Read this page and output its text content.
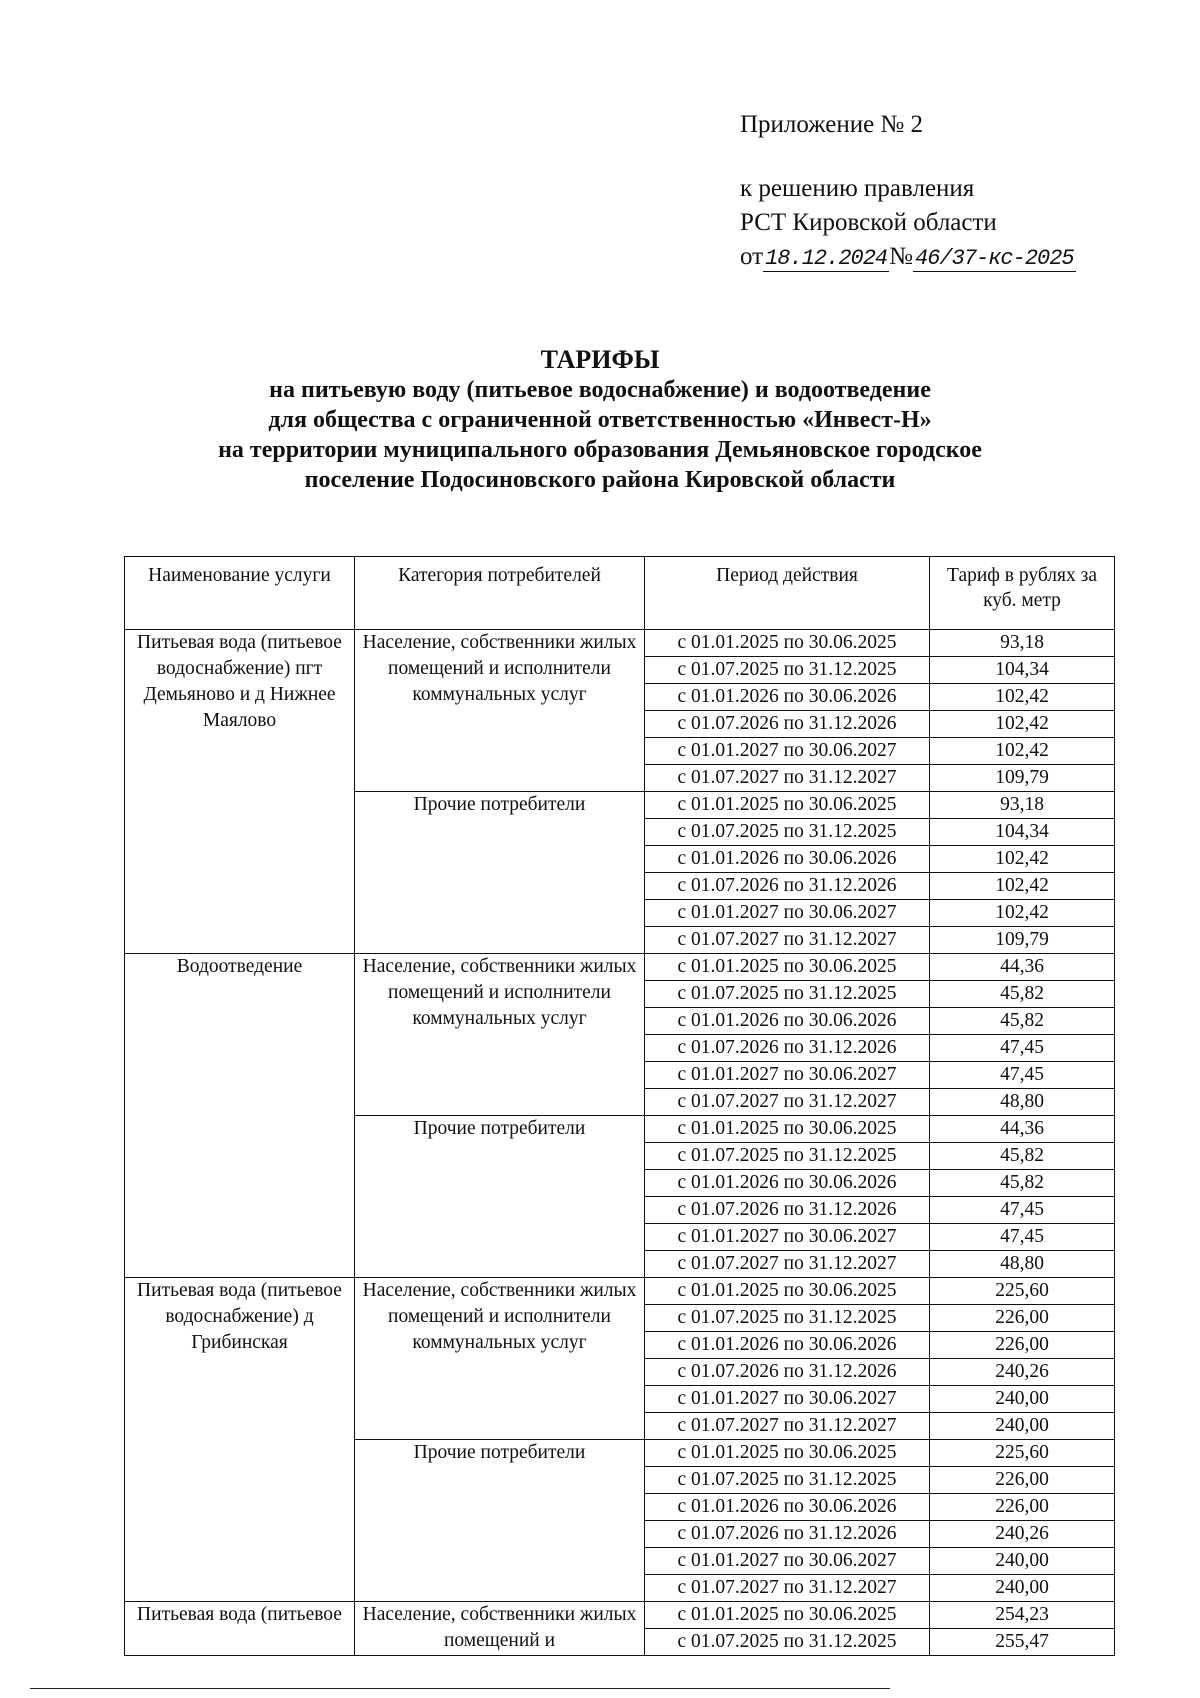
Приложение № 2
к решению правления
РСТ Кировской области
от18.12.2024№46/37-кс-2025
ТАРИФЫ
на питьевую воду (питьевое водоснабжение) и водоотведение
для общества с ограниченной ответственностью «Инвест-Н»
на территории муниципального образования Демьяновское городское
поселение Подосиновского района Кировской области
Наименование услуги	Категория потребителей	Период действия	Тариф в рублях за куб. метр
Питьевая вода (питьевое водоснабжение) пгт Демьяново и д Нижнее Маялово	Население, собственники жилых помещений и исполнители коммунальных услуг	с 01.01.2025 по 30.06.2025	93,18
		с 01.07.2025 по 31.12.2025	104,34
		с 01.01.2026 по 30.06.2026	102,42
		с 01.07.2026 по 31.12.2026	102,42
		с 01.01.2027 по 30.06.2027	102,42
		с 01.07.2027 по 31.12.2027	109,79
	Прочие потребители	с 01.01.2025 по 30.06.2025	93,18
		с 01.07.2025 по 31.12.2025	104,34
		с 01.01.2026 по 30.06.2026	102,42
		с 01.07.2026 по 31.12.2026	102,42
		с 01.01.2027 по 30.06.2027	102,42
		с 01.07.2027 по 31.12.2027	109,79
Водоотведение	Население, собственники жилых помещений и исполнители коммунальных услуг	с 01.01.2025 по 30.06.2025	44,36
		с 01.07.2025 по 31.12.2025	45,82
		с 01.01.2026 по 30.06.2026	45,82
		с 01.07.2026 по 31.12.2026	47,45
		с 01.01.2027 по 30.06.2027	47,45
		с 01.07.2027 по 31.12.2027	48,80
	Прочие потребители	с 01.01.2025 по 30.06.2025	44,36
		с 01.07.2025 по 31.12.2025	45,82
		с 01.01.2026 по 30.06.2026	45,82
		с 01.07.2026 по 31.12.2026	47,45
		с 01.01.2027 по 30.06.2027	47,45
		с 01.07.2027 по 31.12.2027	48,80
Питьевая вода (питьевое водоснабжение) д Грибинская	Население, собственники жилых помещений и исполнители коммунальных услуг	с 01.01.2025 по 30.06.2025	225,60
		с 01.07.2025 по 31.12.2025	226,00
		с 01.01.2026 по 30.06.2026	226,00
		с 01.07.2026 по 31.12.2026	240,26
		с 01.01.2027 по 30.06.2027	240,00
		с 01.07.2027 по 31.12.2027	240,00
	Прочие потребители	с 01.01.2025 по 30.06.2025	225,60
		с 01.07.2025 по 31.12.2025	226,00
		с 01.01.2026 по 30.06.2026	226,00
		с 01.07.2026 по 31.12.2026	240,26
		с 01.01.2027 по 30.06.2027	240,00
		с 01.07.2027 по 31.12.2027	240,00
Питьевая вода (питьевое	Население, собственники жилых помещений и	с 01.01.2025 по 30.06.2025	254,23
		с 01.07.2025 по 31.12.2025	255,47
